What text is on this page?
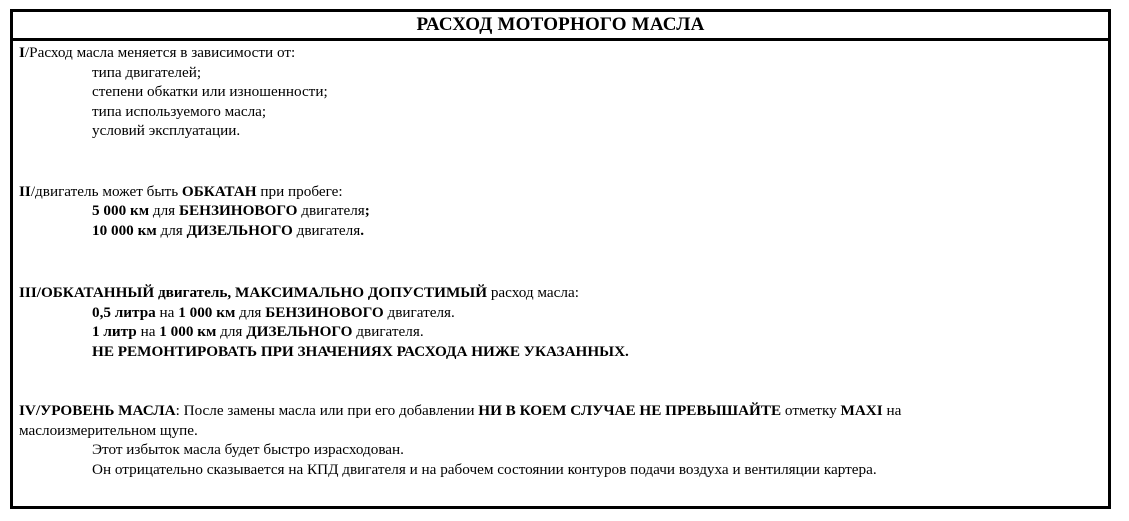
РАСХОД МОТОРНОГО МАСЛА
I/Расход масла меняется в зависимости от:
типа двигателей;
степени обкатки или изношенности;
типа используемого масла;
условий эксплуатации.
II/двигатель может быть ОБКАТАН при пробеге:
5 000 км для БЕНЗИНОВОГО двигателя;
10 000 км для ДИЗЕЛЬНОГО двигателя.
III/ОБКАТАННЫЙ двигатель, МАКСИМАЛЬНО ДОПУСТИМЫЙ расход масла:
0,5 литра на 1 000 км для БЕНЗИНОВОГО двигателя.
1 литр на 1 000 км для ДИЗЕЛЬНОГО двигателя.
НЕ РЕМОНТИРОВАТЬ ПРИ ЗНАЧЕНИЯХ РАСХОДА НИЖЕ УКАЗАННЫХ.
IV/УРОВЕНЬ МАСЛА: После замены масла или при его добавлении НИ В КОЕМ СЛУЧАЕ НЕ ПРЕВЫШАЙТЕ отметку MAXI на
маслоизмерительном щупе.
Этот избыток масла будет быстро израсходован.
Он отрицательно сказывается на КПД двигателя и на рабочем состоянии контуров подачи воздуха и вентиляции картера.
